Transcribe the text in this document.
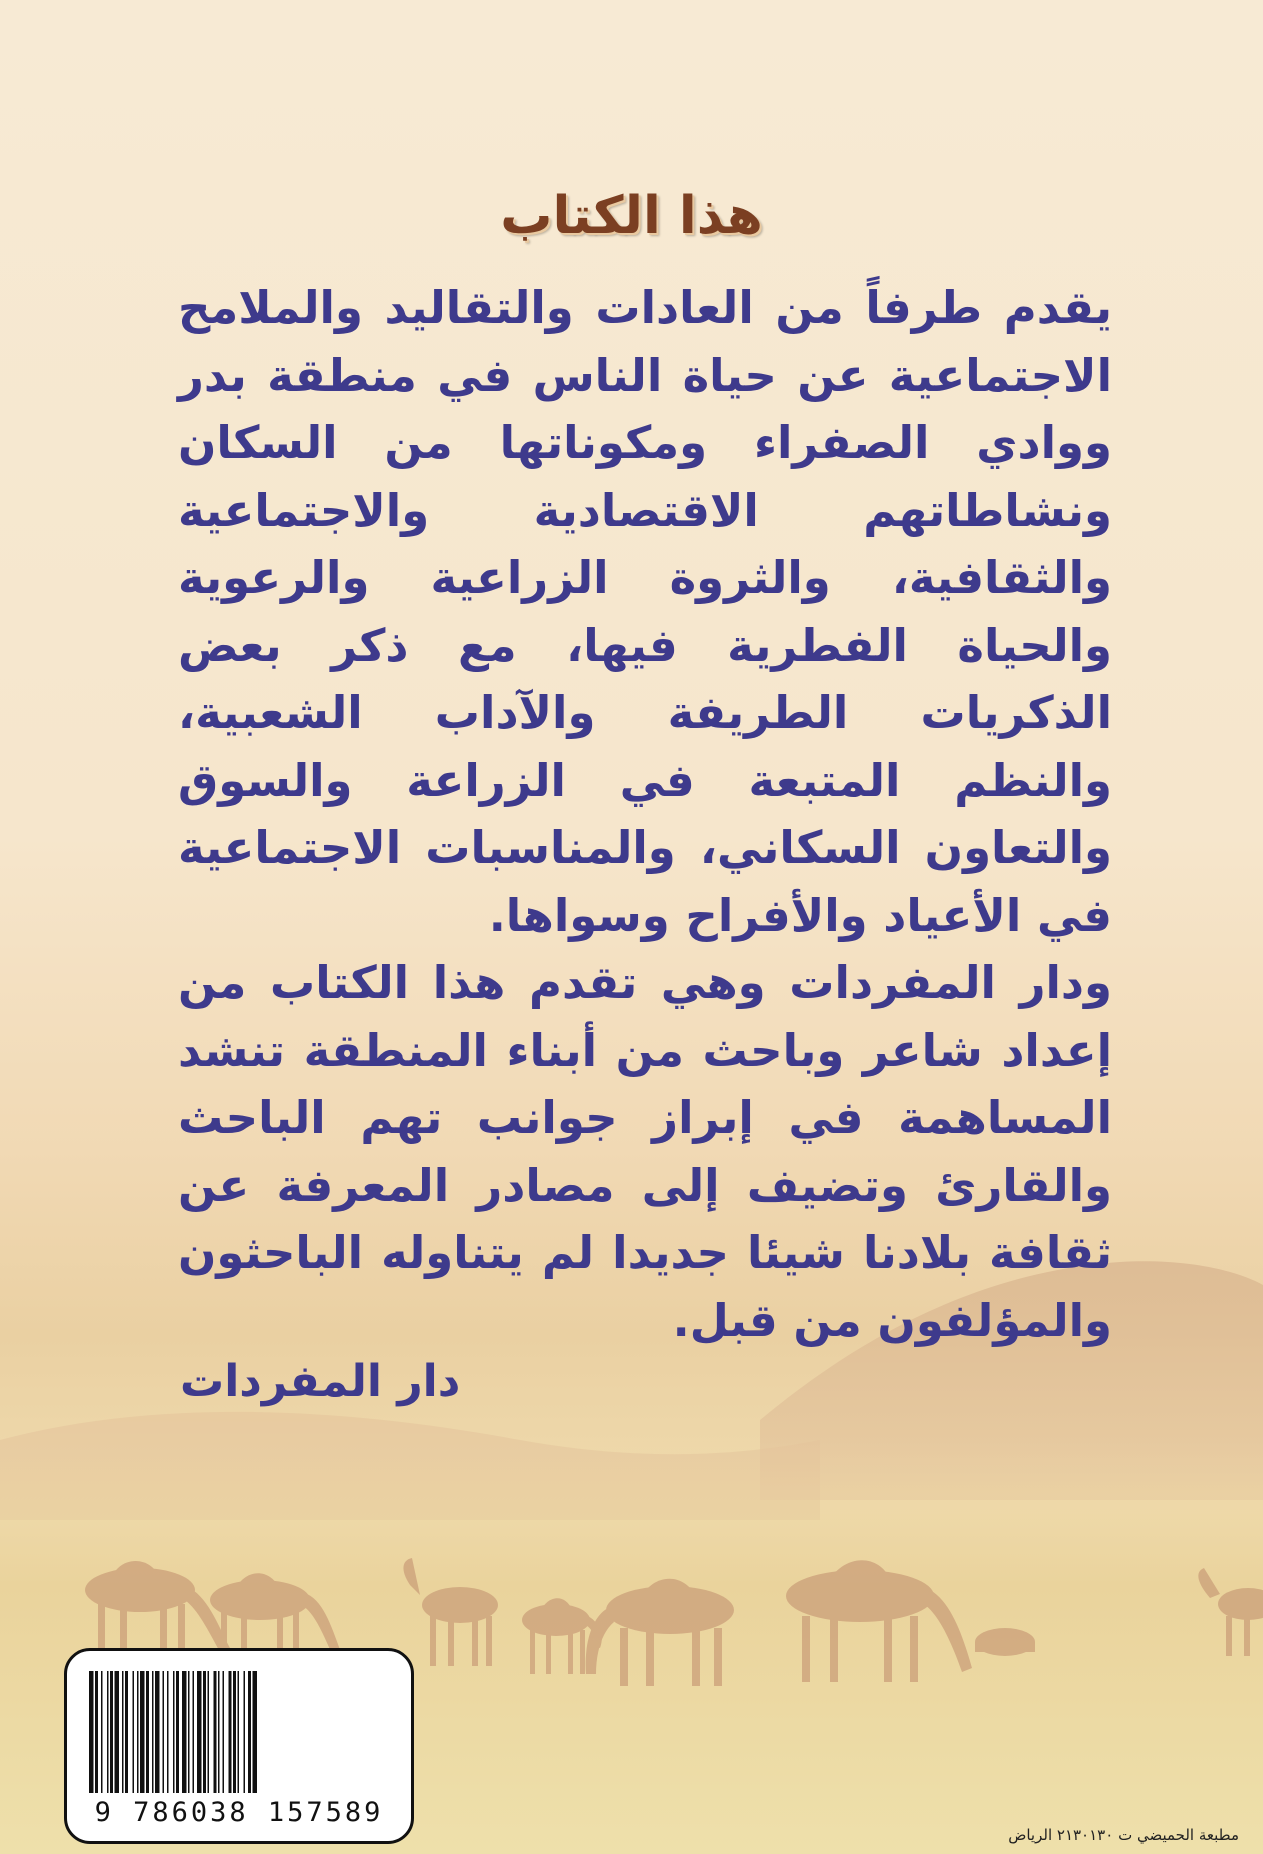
هذا الكتاب

يقدم طرفاً من العادات والتقاليد والملامح الاجتماعية عن حياة الناس في منطقة بدر ووادي الصفراء ومكوناتها من السكان ونشاطاتهم الاقتصادية والاجتماعية والثقافية، والثروة الزراعية والرعوية والحياة الفطرية فيها، مع ذكر بعض الذكريات الطريفة والآداب الشعبية، والنظم المتبعة في الزراعة والسوق والتعاون السكاني، والمناسبات الاجتماعية في الأعياد والأفراح وسواها.

ودار المفردات وهي تقدم هذا الكتاب من إعداد شاعر وباحث من أبناء المنطقة تنشد المساهمة في إبراز جوانب تهم الباحث والقارئ وتضيف إلى مصادر المعرفة عن ثقافة بلادنا شيئا جديدا لم يتناوله الباحثون والمؤلفون من قبل.

دار المفردات
9 786038 157589
مطبعة الحميضي ت ٢١٣٠١٣٠ الرياض
